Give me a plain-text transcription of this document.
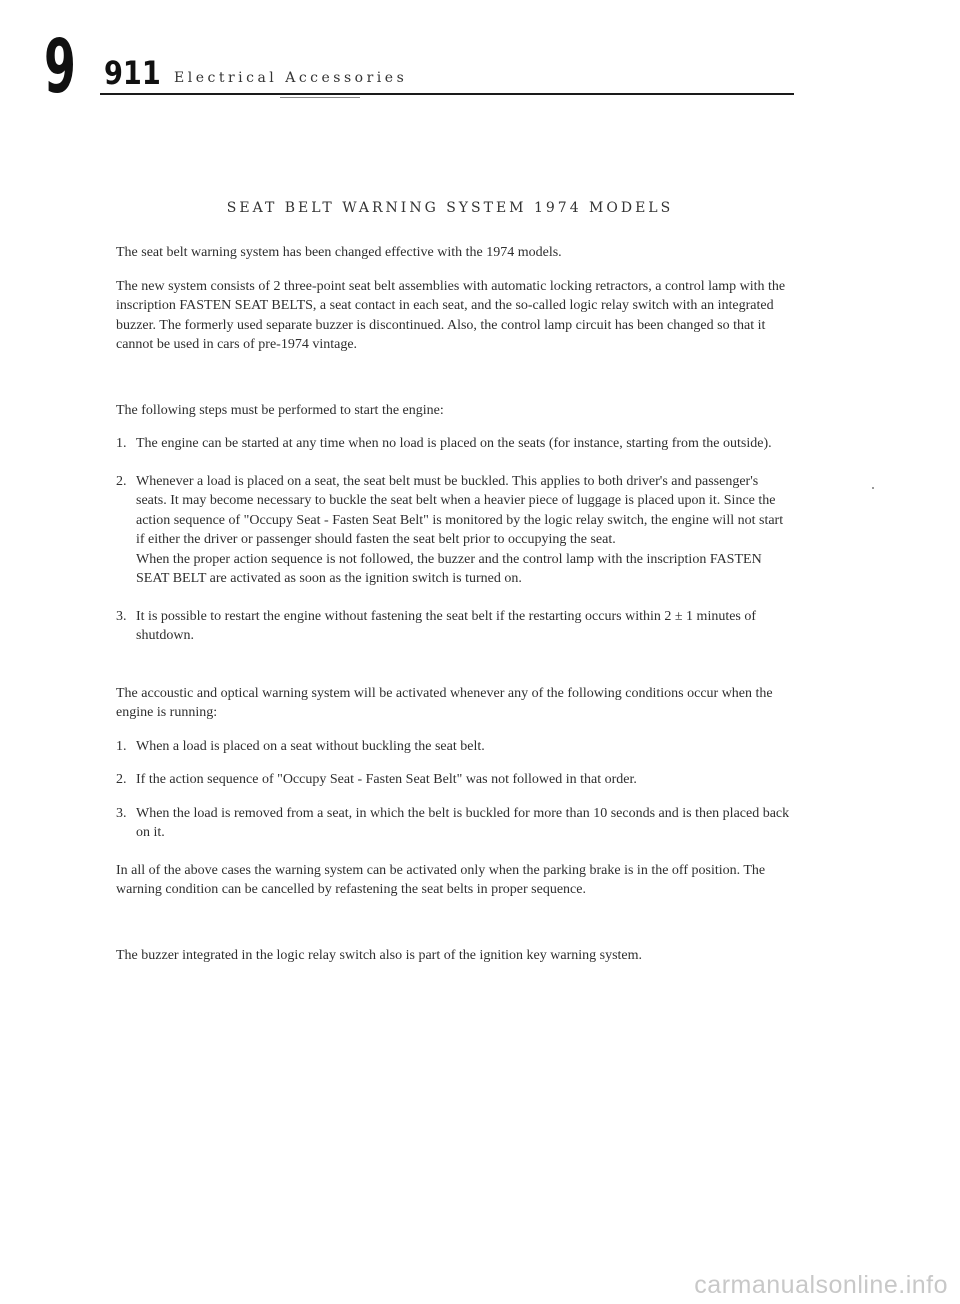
9 911 Electrical Accessories
SEAT BELT WARNING SYSTEM 1974 MODELS

The seat belt warning system has been changed effective with the 1974 models.

The new system consists of 2 three-point seat belt assemblies with automatic locking retractors, a control lamp with the inscription FASTEN SEAT BELTS, a seat contact in each seat, and the so-called logic relay switch with an integrated buzzer. The formerly used separate buzzer is discontinued. Also, the control lamp circuit has been changed so that it cannot be used in cars of pre-1974 vintage.

The following steps must be performed to start the engine:

1. The engine can be started at any time when no load is placed on the seats (for instance, starting from the outside).

2. Whenever a load is placed on a seat, the seat belt must be buckled. This applies to both driver's and passenger's seats. It may become necessary to buckle the seat belt when a heavier piece of luggage is placed upon it. Since the action sequence of "Occupy Seat - Fasten Seat Belt" is monitored by the logic relay switch, the engine will not start if either the driver or passenger should fasten the seat belt prior to occupying the seat.

When the proper action sequence is not followed, the buzzer and the control lamp with the inscription FASTEN SEAT BELT are activated as soon as the ignition switch is turned on.

3. It is possible to restart the engine without fastening the seat belt if the restarting occurs within 2 ± 1 minutes of shutdown.

The accoustic and optical warning system will be activated whenever any of the following conditions occur when the engine is running:

1. When a load is placed on a seat without buckling the seat belt.

2. If the action sequence of "Occupy Seat - Fasten Seat Belt" was not followed in that order.

3. When the load is removed from a seat, in which the belt is buckled for more than 10 seconds and is then placed back on it.

In all of the above cases the warning system can be activated only when the parking brake is in the off position. The warning condition can be cancelled by refastening the seat belts in proper sequence.

The buzzer integrated in the logic relay switch also is part of the ignition key warning system.

carmanualsonline.info
